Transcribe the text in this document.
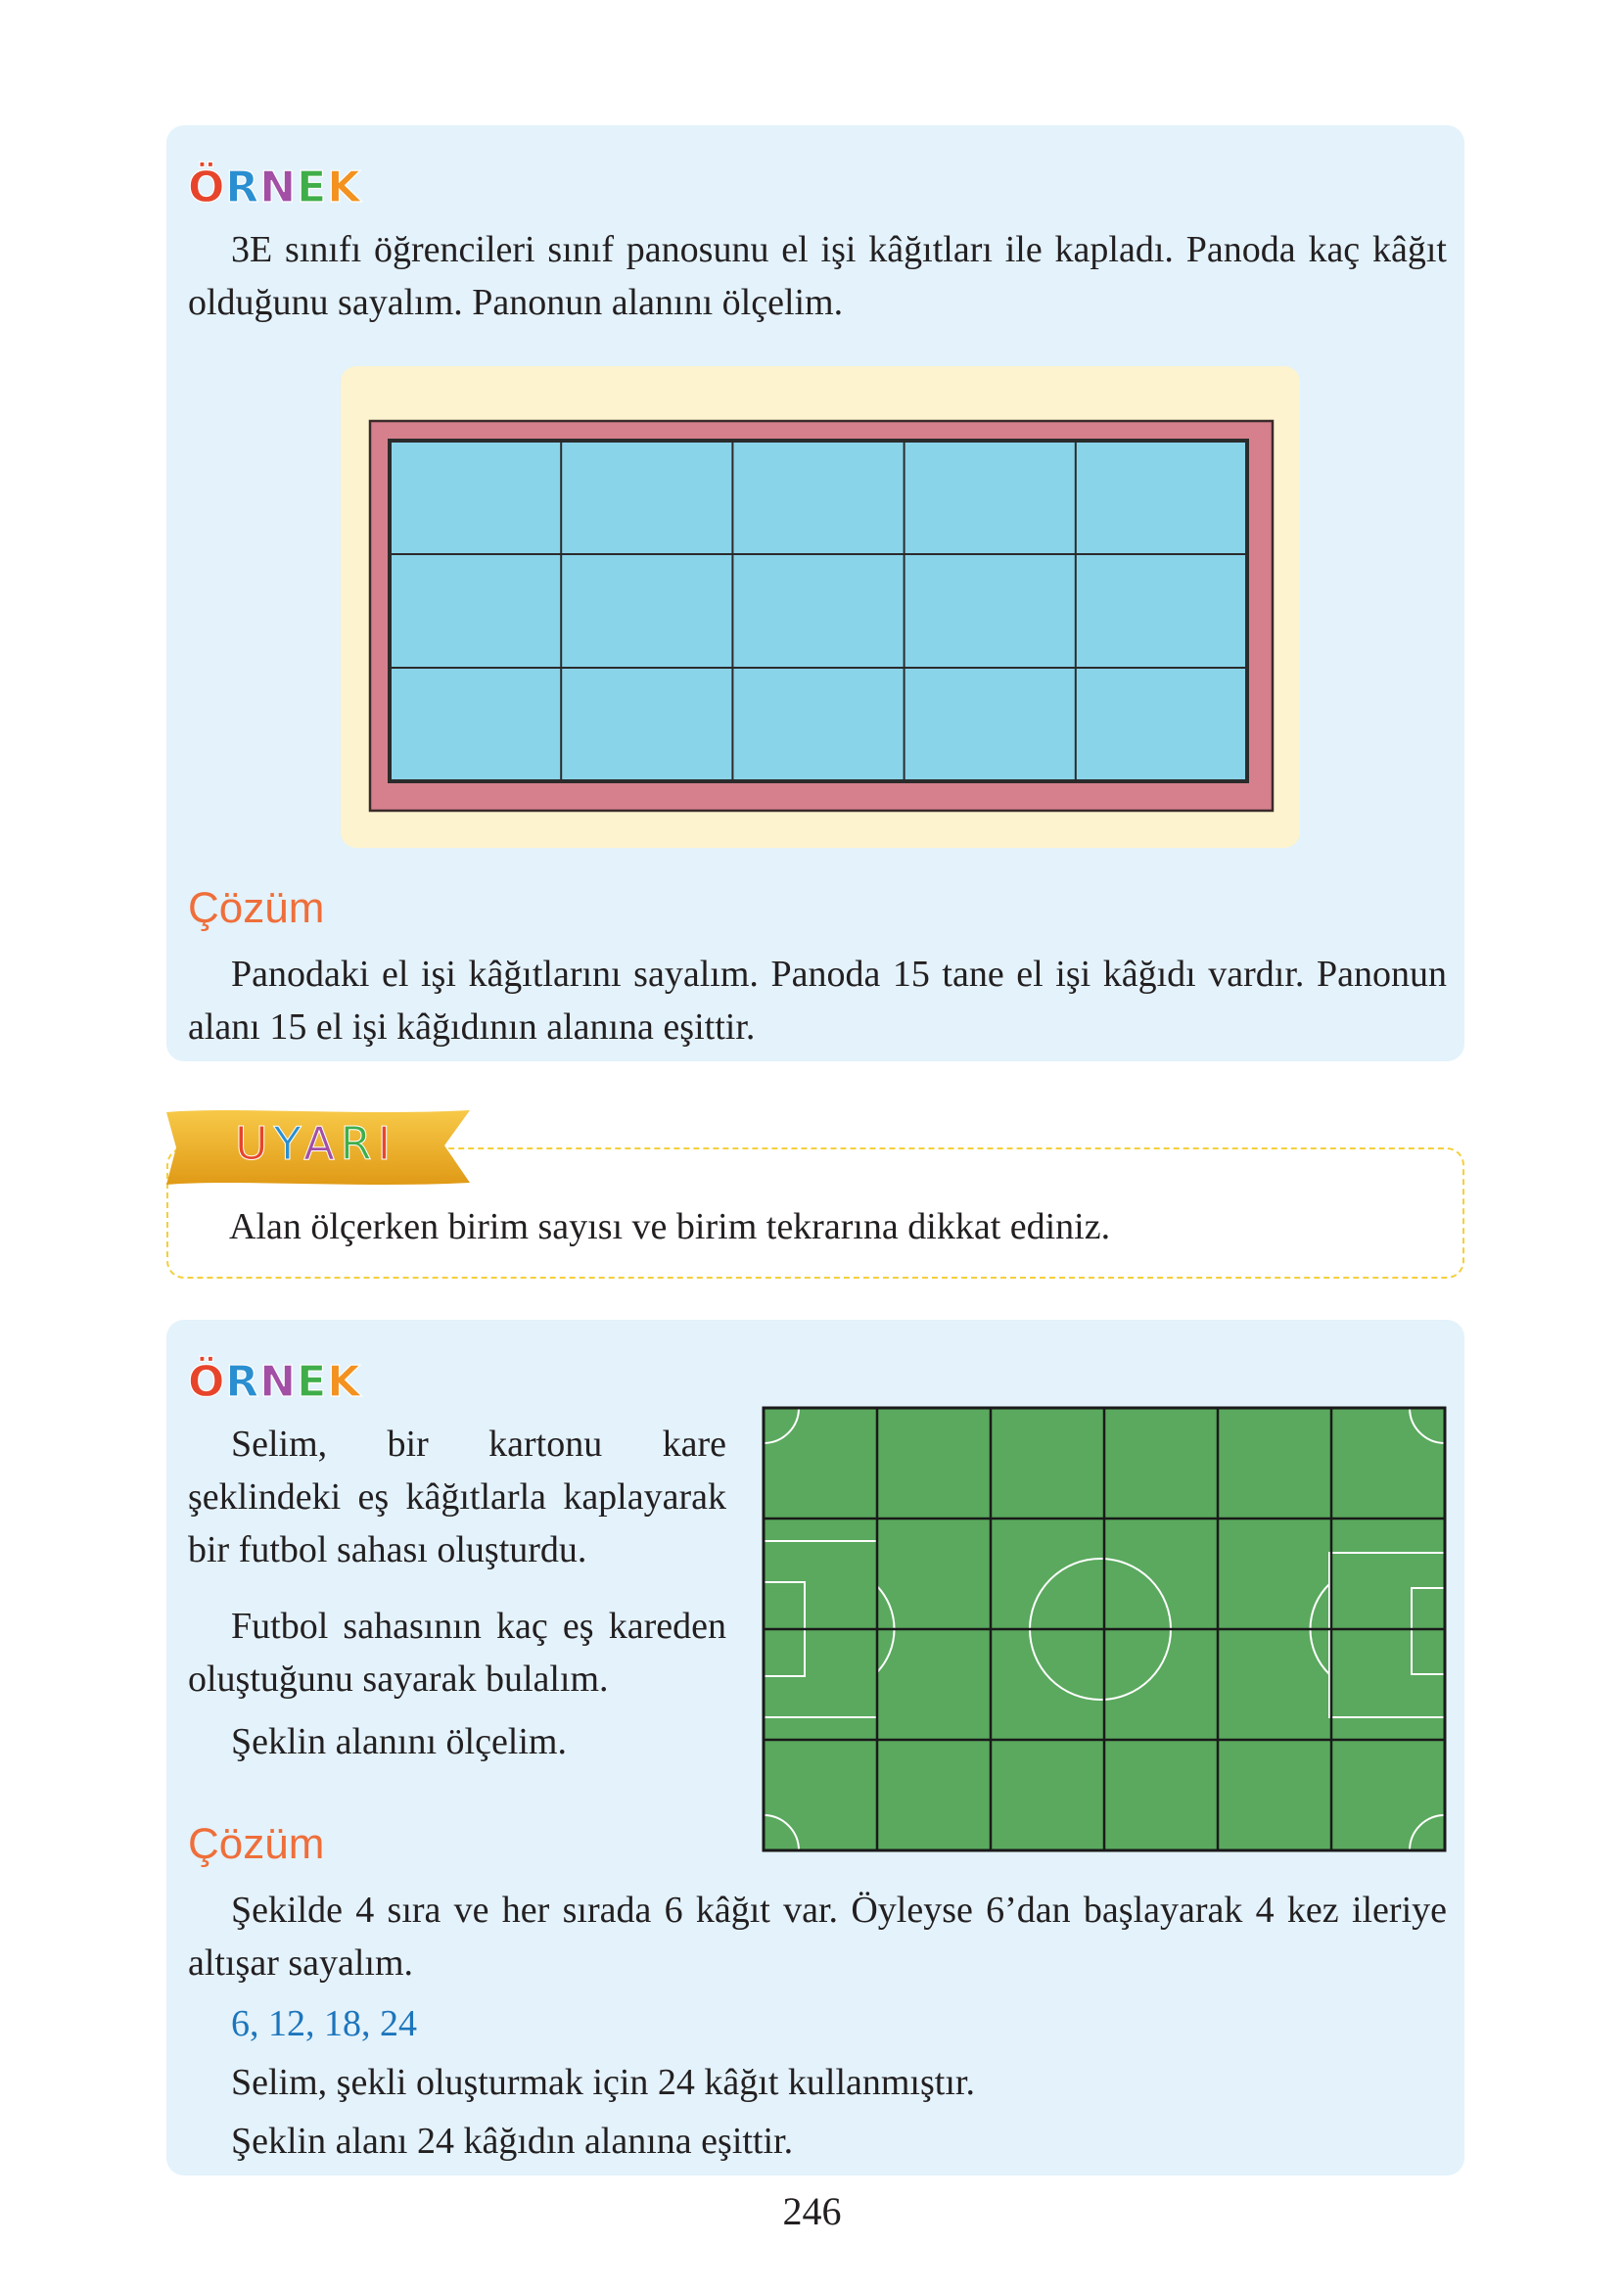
ÖRNEK
3E sınıfı öğrencileri sınıf panosunu el işi kâğıtları ile kapladı. Panoda kaç kâğıt olduğunu sayalım. Panonun alanını ölçelim.
Çözüm
Panodaki el işi kâğıtlarını sayalım. Panoda 15 tane el işi kâğıdı vardır. Panonun alanı 15 el işi kâğıdının alanına eşittir.
Alan ölçerken birim sayısı ve birim tekrarına dikkat ediniz.
UYARI
ÖRNEK
Selim, bir kartonu kare şeklindeki eş kâğıtlarla kaplayarak bir futbol sahası oluşturdu.
Futbol sahasının kaç eş kareden oluştuğunu sayarak bulalım.
Şeklin alanını ölçelim.
Çözüm
Şekilde 4 sıra ve her sırada 6 kâğıt var. Öyleyse 6’dan başlayarak 4 kez ileriye altışar sayalım.
6, 12, 18, 24
Selim, şekli oluşturmak için 24 kâğıt kullanmıştır.
Şeklin alanı 24 kâğıdın alanına eşittir.
246
